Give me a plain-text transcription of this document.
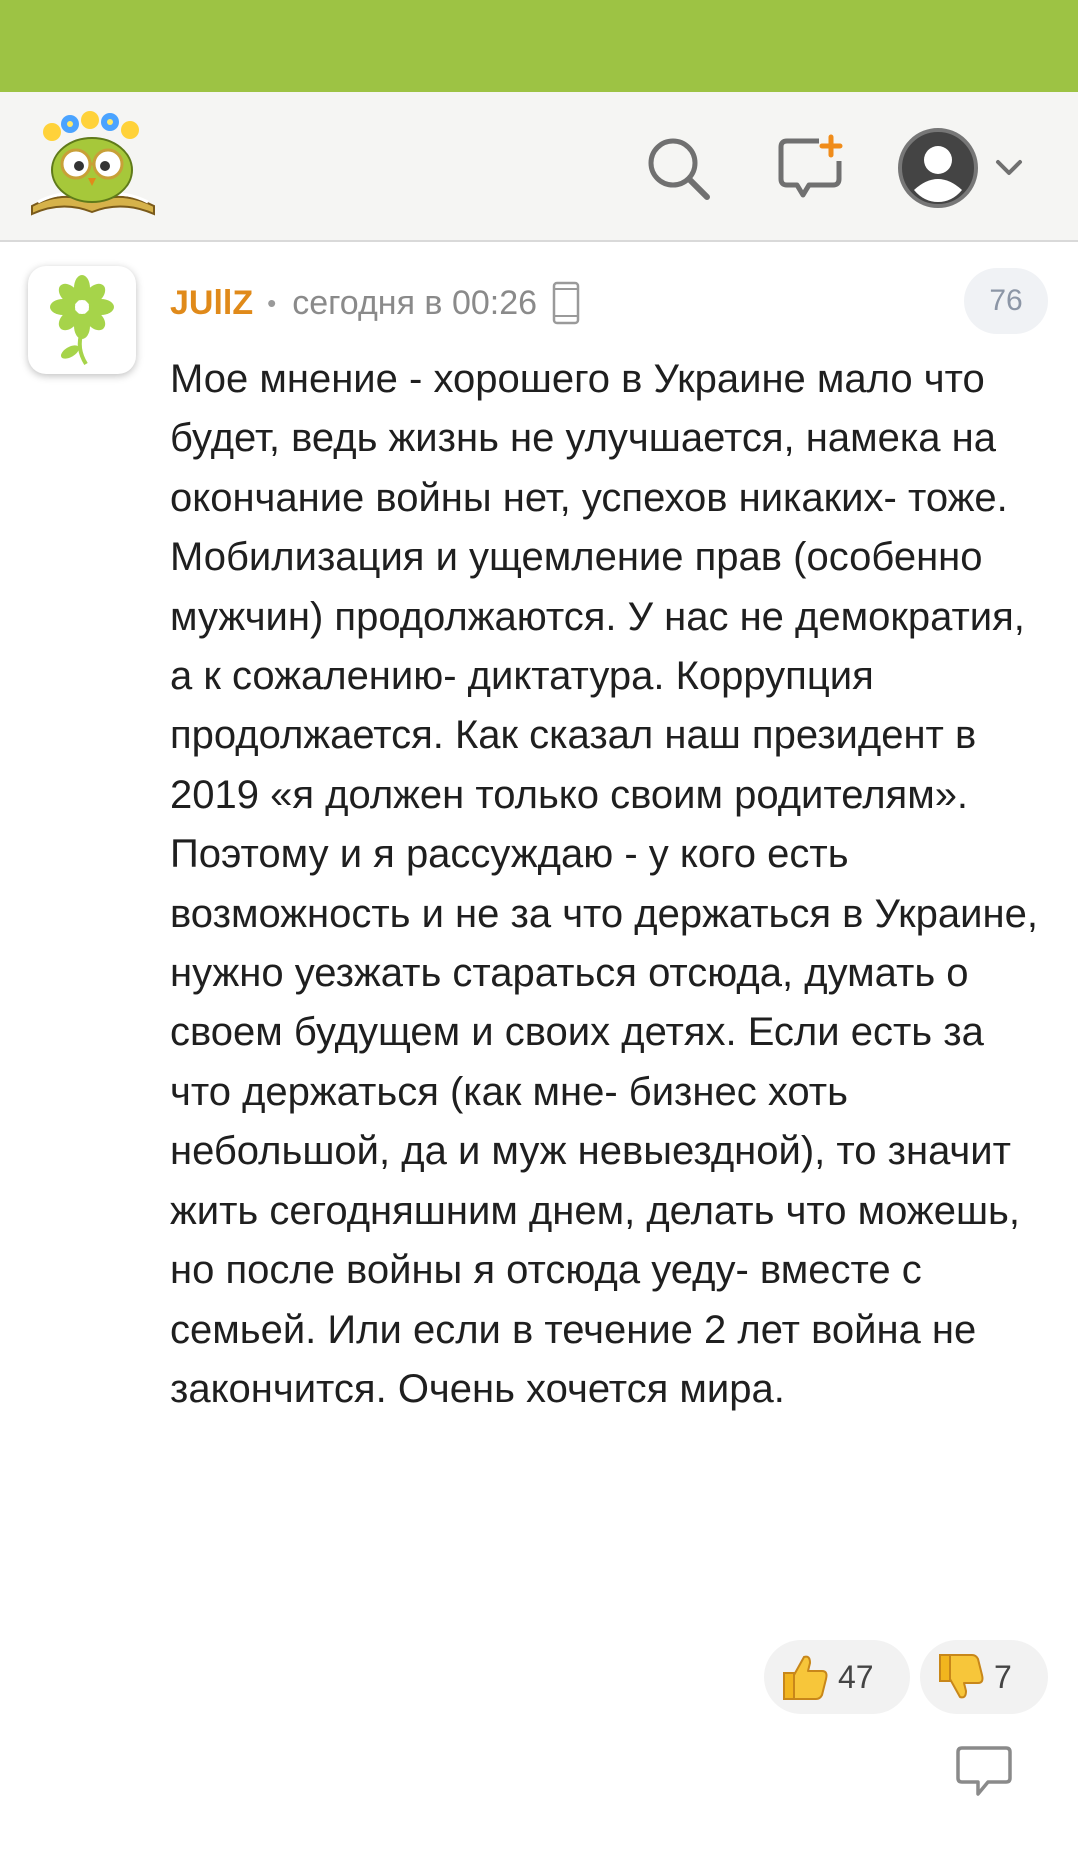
JUllZ • сегодня в 00:26	76

Мое мнение - хорошего в Украине мало что будет, ведь жизнь не улучшается, намека на окончание войны нет, успехов никаких- тоже. Мобилизация и ущемление прав (особенно мужчин) продолжаются. У нас не демократия, а к сожалению- диктатура. Коррупция продолжается. Как сказал наш президент в 2019 «я должен только своим родителям».

Поэтому и я рассуждаю - у кого есть возможность и не за что держаться в Украине, нужно уезжать стараться отсюда, думать о своем будущем и своих детях. Если есть за что держаться (как мне- бизнес хоть небольшой, да и муж невыездной), то значит жить сегодняшним днем, делать что можешь, но после войны я отсюда уеду- вместе с семьей. Или если в течение 2 лет война не закончится. Очень хочется мира.

47	7
